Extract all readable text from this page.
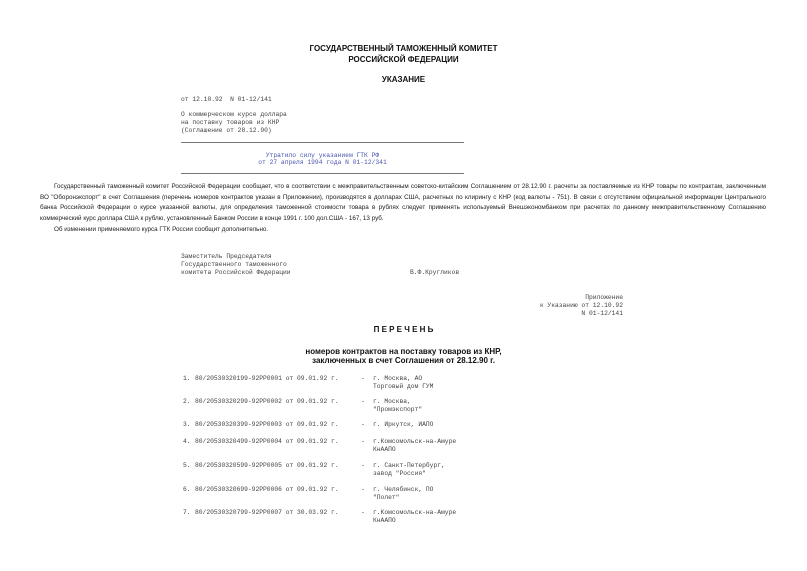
ГОСУДАРСТВЕННЫЙ ТАМОЖЕННЫЙ КОМИТЕТ
РОССИЙСКОЙ ФЕДЕРАЦИИ
УКАЗАНИЕ
от 12.10.92  N 01-12/141
О коммерческом курсе доллара
на поставку товаров из КНР
(Соглашение от 28.12.90)
Утратило силу указанием ГТК РФ
от 27 апреля 1994 года N 01-12/341

Государственный таможенный комитет Российской Федерации сообщает, что в соответствии с межправительственным советско-китайским Соглашением от 28.12.90 г. расчеты за поставляемые из КНР товары по контрактам, заключенным ВО "Оборонэкспорт" в счет Соглашения (перечень номеров контрактов указан в Приложении), производятся в долларах США, расчетных по клирингу с КНР (код валюты - 751). В связи с отсутствием официальной информации Центрального банка Российской Федерации о курсе указанной валюты, для определения таможенной стоимости товара в рублях следует применять используемый Внешэкономбанком при расчетах по данному межправительственному Соглашению коммерческий курс доллара США к рублю, установленный Банком России в конце 1991 г. 100 дол.США - 167, 13 руб.

Об изменении применяемого курса ГТК России сообщит дополнительно.

Заместитель Председателя
Государственного таможенного
комитета Российской Федерации	В.Ф.Кругликов
Приложение
к Указанию от 12.10.92
N 01-12/141
П Е Р Е Ч Е Н Ь
номеров контрактов на поставку товаров из КНР,
заключенных в счет Соглашения от 28.12.90 г.
1. 80/20530320199-92РР0001 от 09.01.92 г.	- г. Москва, АО
Торговый дом ГУМ
2. 80/20530320299-92РР0002 от 09.01.92 г.	- г. Москва,
"Промэкспорт"
3. 80/20530320399-92РР0003 от 09.01.92 г.	- г. Иркутск, ИАПО
4. 80/20530320499-92РР0004 от 09.01.92 г.	- г.Комсомольск-на-Амуре
КнААПО
5. 80/20530320599-92РР0005 от 09.01.92 г.	- г. Санкт-Петербург,
завод "Россия"
6. 80/20530320699-92РР0006 от 09.01.92 г.	- г. Челябинск, ПО
"Полет"
7. 80/20530320799-92РР0007 от 30.03.92 г.	- г.Комсомольск-на-Амуре
КнААПО
